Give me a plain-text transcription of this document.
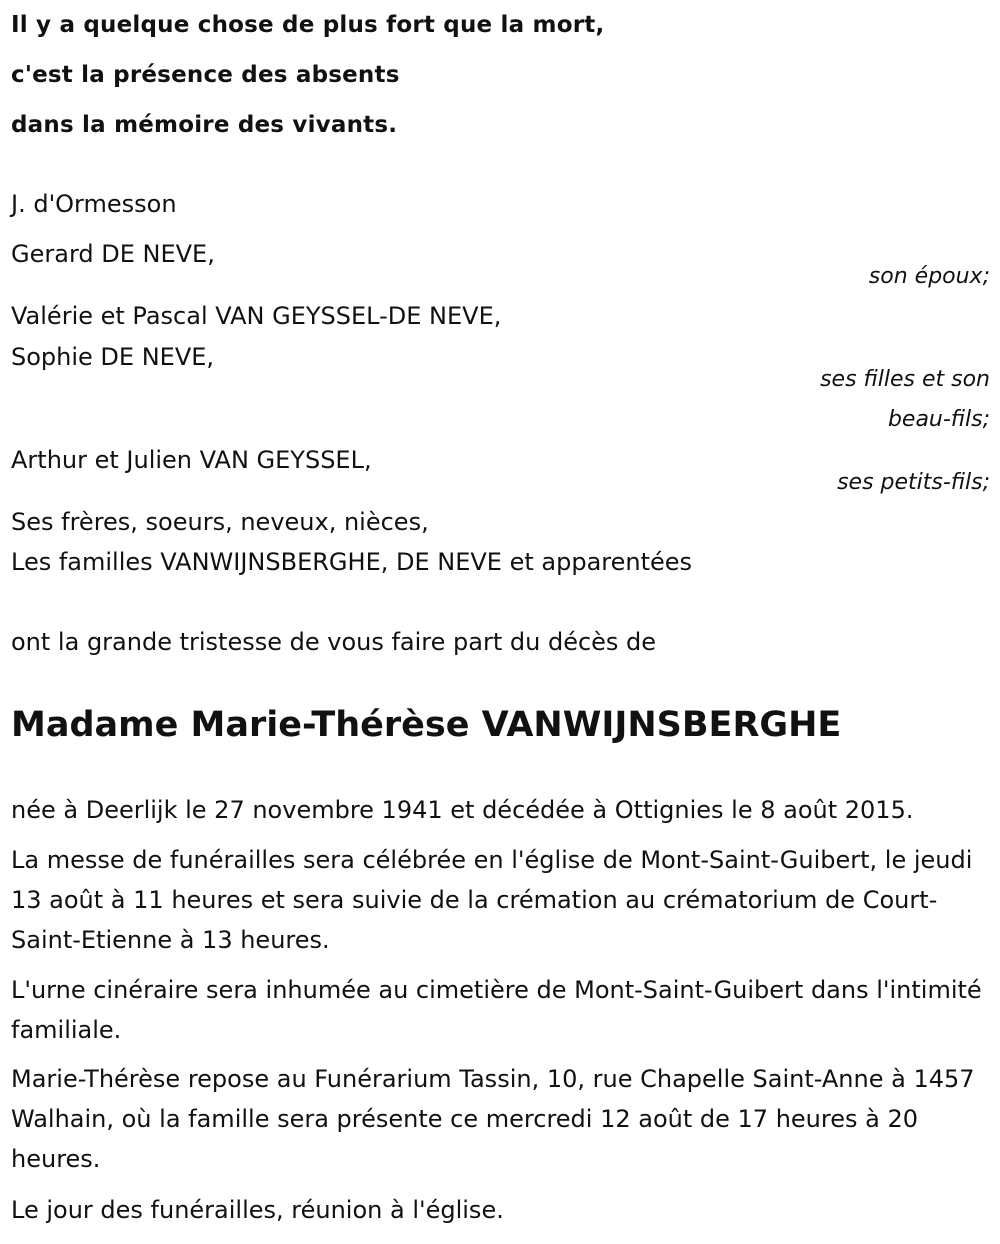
Il y a quelque chose de plus fort que la mort,
c'est la présence des absents
dans la mémoire des vivants.
J. d'Ormesson
Gerard DE NEVE,
son époux;
Valérie et Pascal VAN GEYSSEL-DE NEVE,
Sophie DE NEVE,
ses filles et son
beau-fils;
Arthur et Julien VAN GEYSSEL,
ses petits-fils;
Ses frères, soeurs, neveux, nièces,
Les familles VANWIJNSBERGHE, DE NEVE et apparentées
ont la grande tristesse de vous faire part du décès de
Madame Marie-Thérèse VANWIJNSBERGHE
née à Deerlijk le 27 novembre 1941 et décédée à Ottignies le 8 août 2015.
La messe de funérailles sera célébrée en l'église de Mont-Saint-Guibert, le jeudi 13 août à 11 heures et sera suivie de la crémation au crématorium de Court-Saint-Etienne à 13 heures.
L'urne cinéraire sera inhumée au cimetière de Mont-Saint-Guibert dans l'intimité familiale.
Marie-Thérèse repose au Funérarium Tassin, 10, rue Chapelle Saint-Anne à 1457 Walhain, où la famille sera présente ce mercredi 12 août de 17 heures à 20 heures.
Le jour des funérailles, réunion à l'église.
